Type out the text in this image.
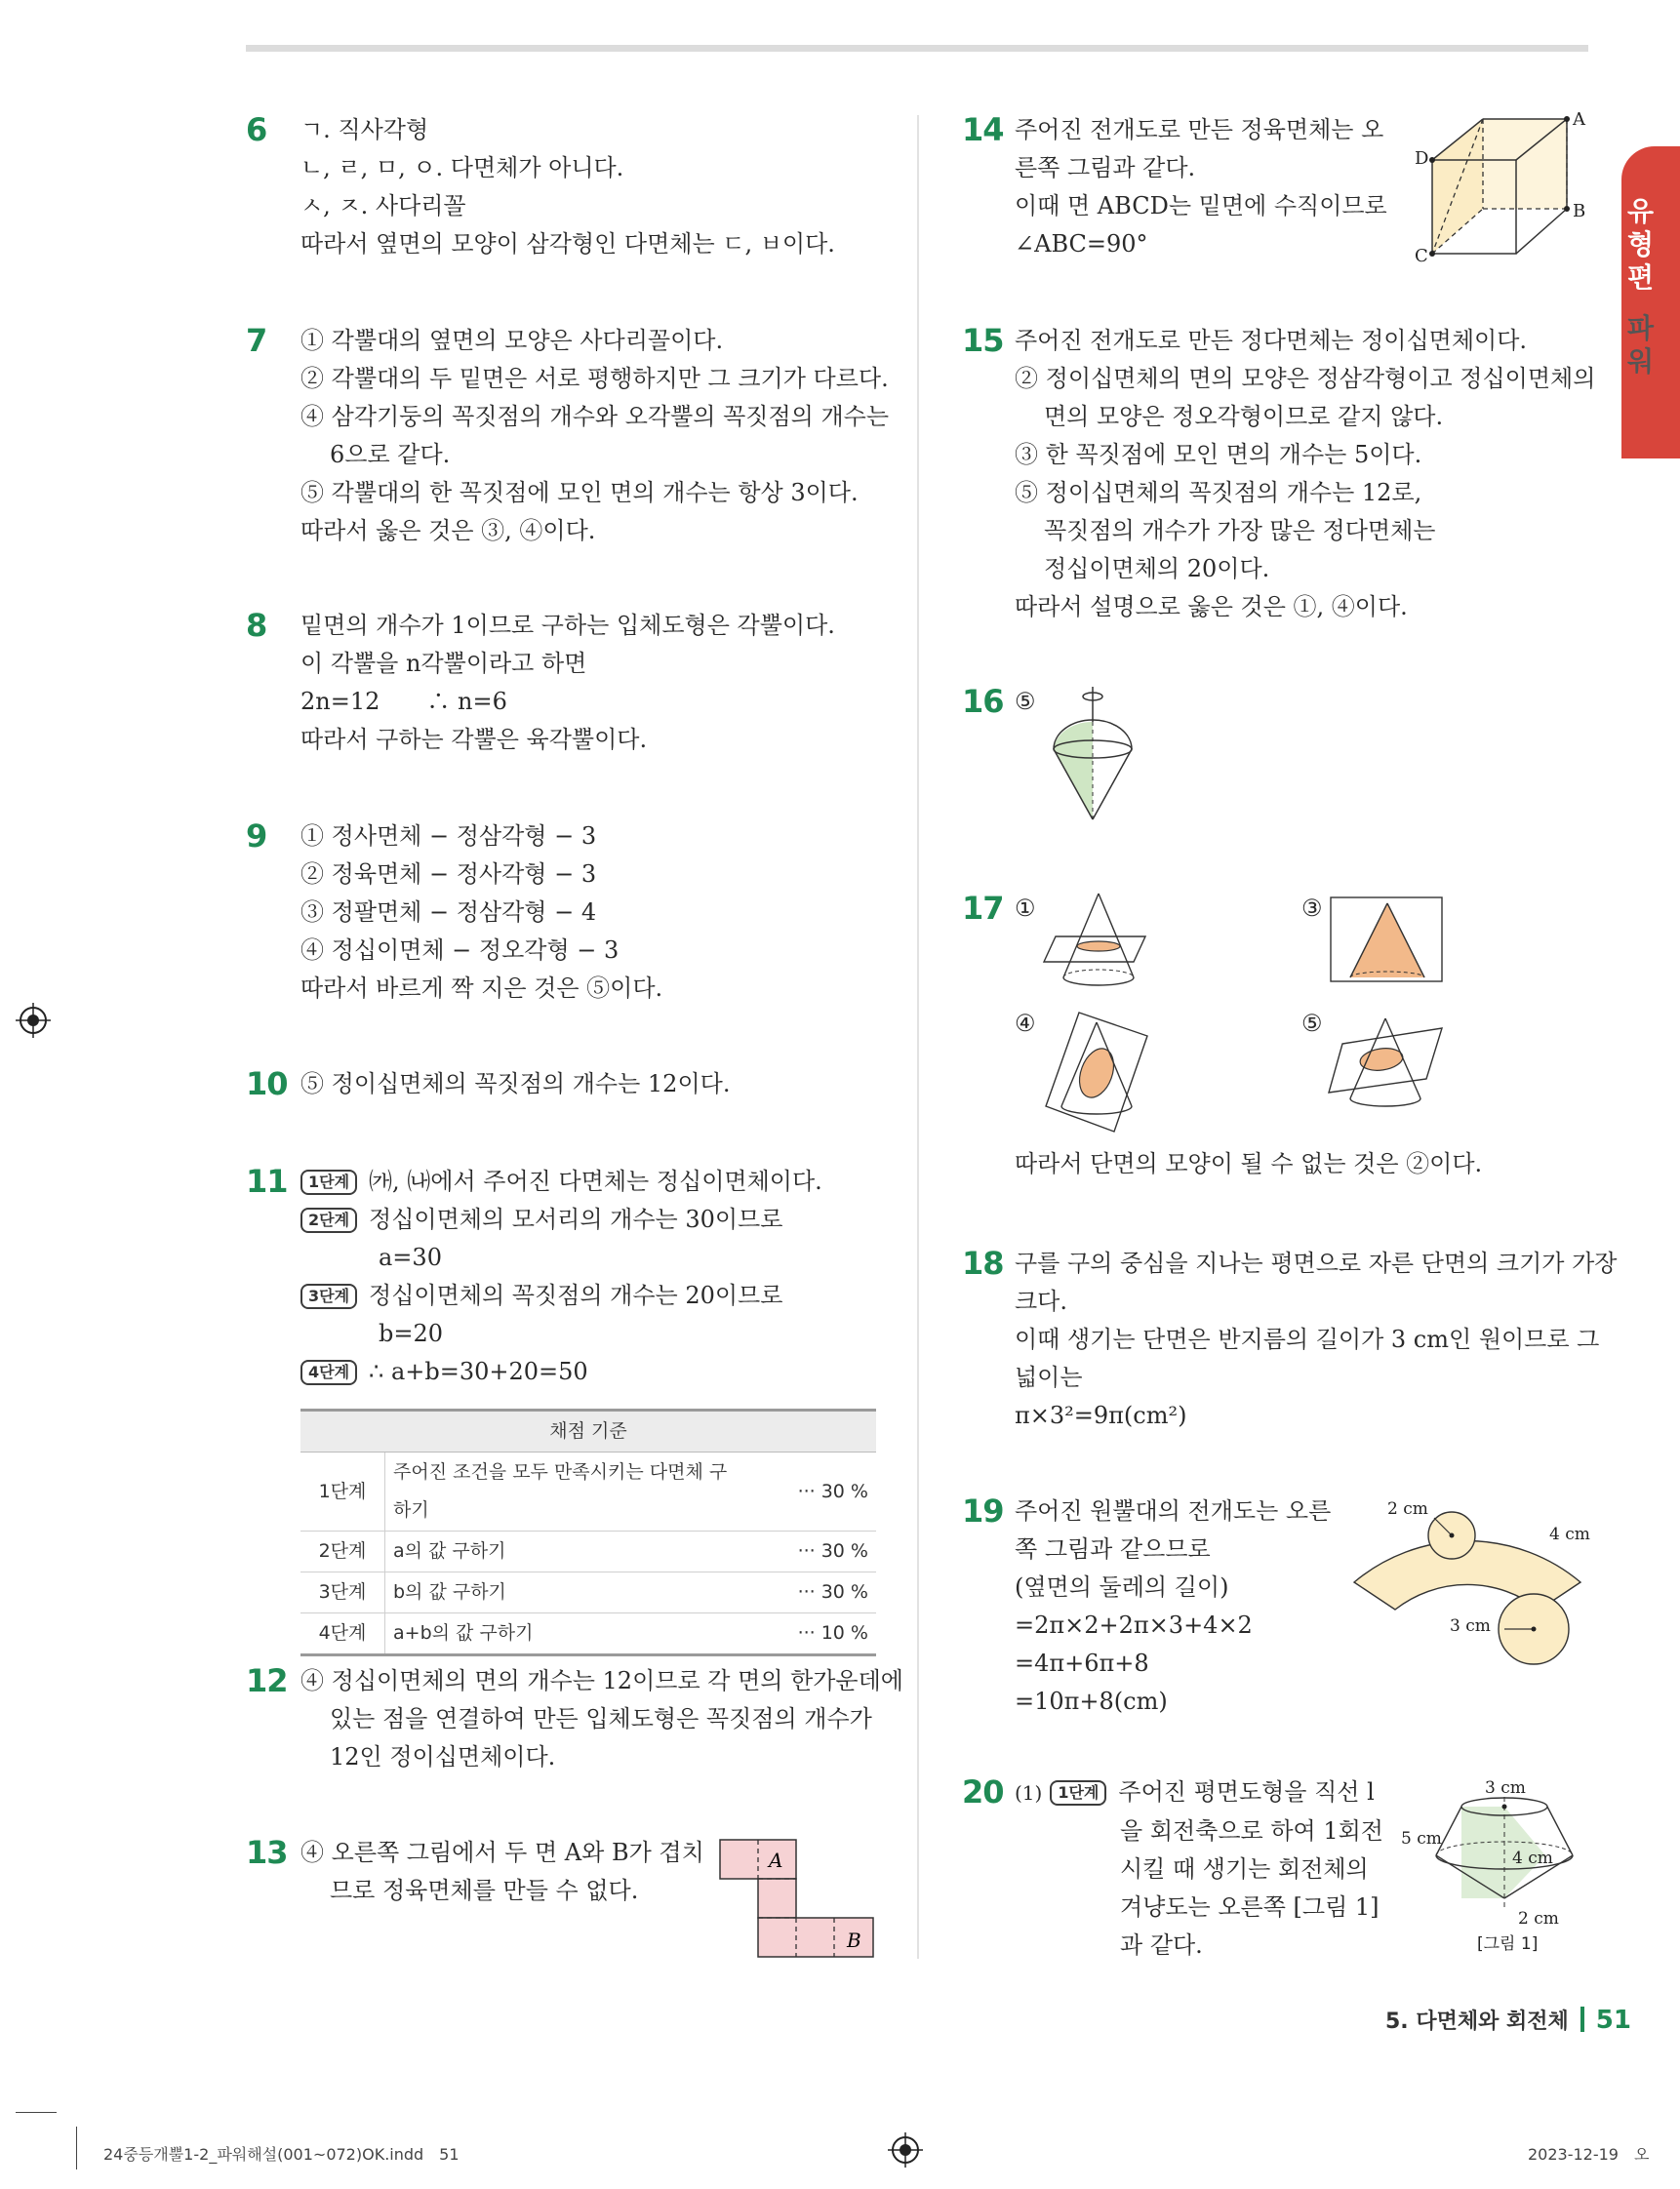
유형편
파워
6 ㄱ. 직사각형
ㄴ, ㄹ, ㅁ, ㅇ. 다면체가 아니다.
ㅅ, ㅈ. 사다리꼴
따라서 옆면의 모양이 삼각형인 다면체는 ㄷ, ㅂ이다.
7 ① 각뿔대의 옆면의 모양은 사다리꼴이다.
② 각뿔대의 두 밑면은 서로 평행하지만 그 크기가 다르다.
④ 삼각기둥의 꼭짓점의 개수와 오각뿔의 꼭짓점의 개수는
6으로 같다.
⑤ 각뿔대의 한 꼭짓점에 모인 면의 개수는 항상 3이다.
따라서 옳은 것은 ③, ④이다.
8 밑면의 개수가 1이므로 구하는 입체도형은 각뿔이다.
이 각뿔을 n각뿔이라고 하면
2n=12　　∴ n=6
따라서 구하는 각뿔은 육각뿔이다.
9 ① 정사면체 − 정삼각형 − 3
② 정육면체 − 정사각형 − 3
③ 정팔면체 − 정삼각형 − 4
④ 정십이면체 − 정오각형 − 3
따라서 바르게 짝 지은 것은 ⑤이다.
10 ⑤ 정이십면체의 꼭짓점의 개수는 12이다.
11	1단계 ㈎, ㈏에서 주어진 다면체는 정십이면체이다.
2단계 정십이면체의 모서리의 개수는 30이므로
a=30
3단계 정십이면체의 꼭짓점의 개수는 20이므로
b=20
4단계 ∴ a+b=30+20=50
채점 기준		
1단계	주어진 조건을 모두 만족시키는 다면체 구하기	··· 30 %
2단계	a의 값 구하기	··· 30 %
3단계	b의 값 구하기	··· 30 %
4단계	a+b의 값 구하기	··· 10 %
12 ④ 정십이면체의 면의 개수는 12이므로 각 면의 한가운데에
있는 점을 연결하여 만든 입체도형은 꼭짓점의 개수가
12인 정이십면체이다.
13 ④ 오른쪽 그림에서 두 면 A와 B가 겹치
므로 정육면체를 만들 수 없다.
A
B
14 주어진 전개도로 만든 정육면체는 오
른쪽 그림과 같다.
이때 면 ABCD는 밑면에 수직이므로
∠ABC=90°
A
B
C
D
15 주어진 전개도로 만든 정다면체는 정이십면체이다.
② 정이십면체의 면의 모양은 정삼각형이고 정십이면체의
면의 모양은 정오각형이므로 같지 않다.
③ 한 꼭짓점에 모인 면의 개수는 5이다.
⑤ 정이십면체의 꼭짓점의 개수는 12로,
꼭짓점의 개수가 가장 많은 정다면체는
정십이면체의 20이다.
따라서 설명으로 옳은 것은 ①, ④이다.
16 ⑤
17 ①	③
④	⑤
따라서 단면의 모양이 될 수 없는 것은 ②이다.
18 구를 구의 중심을 지나는 평면으로 자른 단면의 크기가 가장
크다.
이때 생기는 단면은 반지름의 길이가 3 cm인 원이므로 그
넓이는
π×3²=9π(cm²)
19 주어진 원뿔대의 전개도는 오른
쪽 그림과 같으므로
(옆면의 둘레의 길이)
=2π×2+2π×3+4×2
=4π+6π+8
=10π+8(cm)
2 cm
4 cm
3 cm
20 (1) 1단계 주어진 평면도형을 직선 l
을 회전축으로 하여 1회전
시킬 때 생기는 회전체의
겨냥도는 오른쪽 [그림 1]
과 같다.
3 cm
5 cm
4 cm
2 cm
[그림 1]
5. 다면체와 회전체 51
24중등개뿔1-2_파워해설(001~072)OK.indd　51	2023-12-19　오
